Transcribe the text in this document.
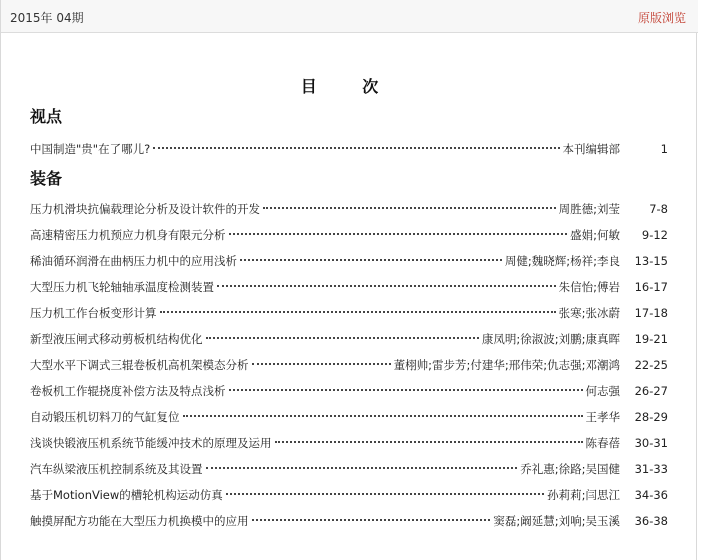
2015年 04期	原版浏览
目 次
视点
中国制造"贵"在了哪儿?	本刊编辑部	1
装备
压力机滑块抗偏载理论分析及设计软件的开发	周胜德;刘莹	7-8
高速精密压力机预应力机身有限元分析	盛娟;何敏	9-12
稀油循环润滑在曲柄压力机中的应用浅析	周健;魏晓辉;杨祥;李良	13-15
大型压力机飞轮轴轴承温度检测装置	朱信怡;傅岩	16-17
压力机工作台板变形计算	张寒;张冰蔚	17-18
新型液压闸式移动剪板机结构优化	康凤明;徐淑波;刘鹏;康真晖	19-21
大型水平下调式三辊卷板机高机架模态分析	董栩帅;雷步芳;付建华;邢伟荣;仇志强;邓潮鸿	22-25
卷板机工作辊挠度补偿方法及特点浅析	何志强	26-27
自动锻压机切料刀的气缸复位	王孝华	28-29
浅谈快锻液压机系统节能缓冲技术的原理及运用	陈春蓓	30-31
汽车纵梁液压机控制系统及其设置	乔礼惠;徐路;吴国健	31-33
基于MotionView的槽轮机构运动仿真	孙莉莉;闫思江	34-36
触摸屏配方功能在大型压力机换模中的应用	窦磊;阚延慧;刘响;吴玉溪	36-38
